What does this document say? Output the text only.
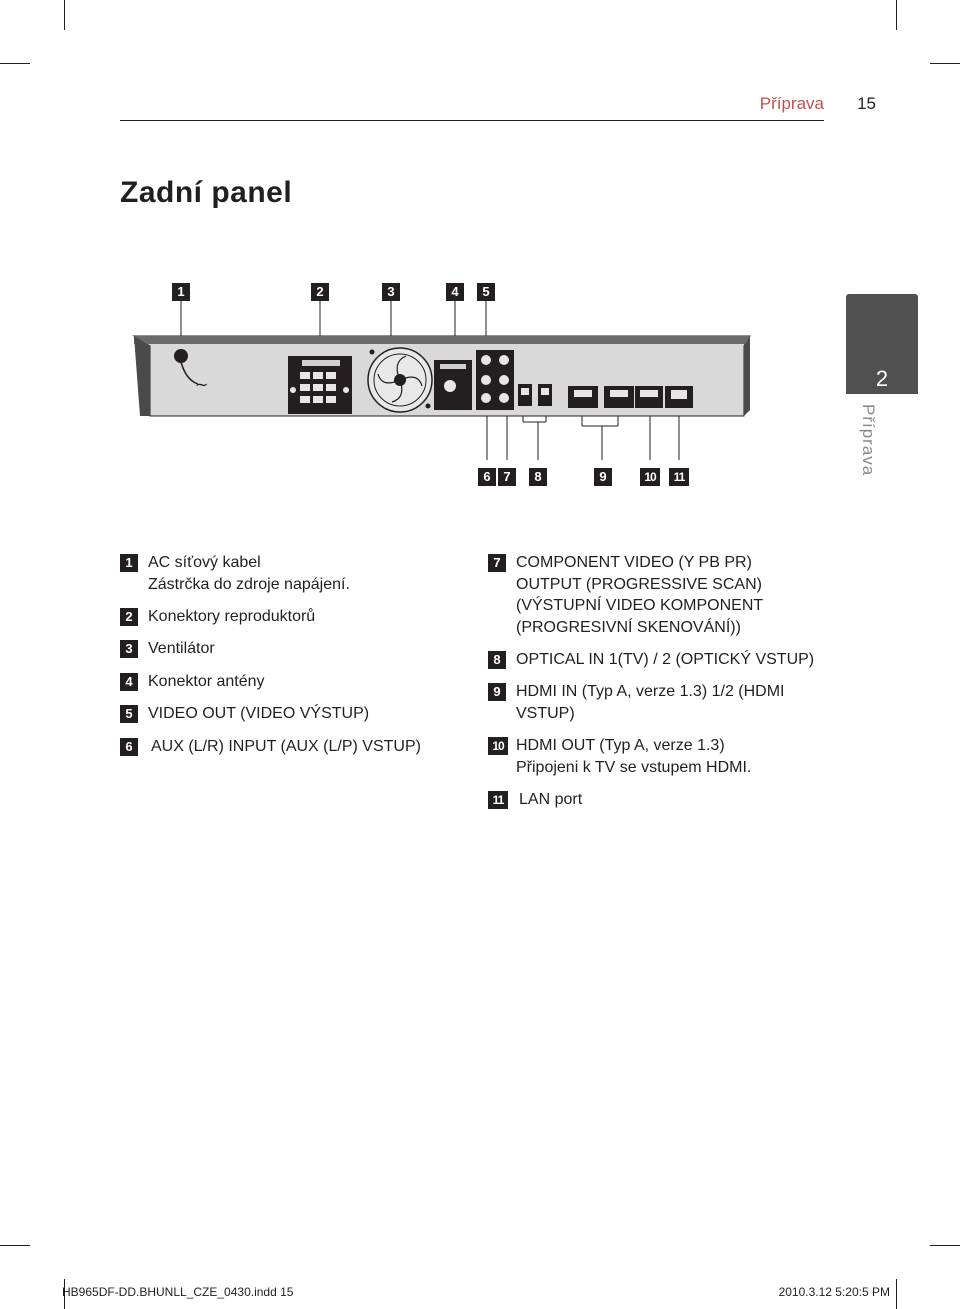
Příprava	15
Zadní panel
2
Příprava
1	2	3	4	5
6 7	8	9	10	11
~
1 AC síťový kabel
Zástrčka do zdroje napájení.
2 Konektory reproduktorů
3 Ventilátor
4 Konektor antény
5 VIDEO OUT (VIDEO VÝSTUP)
6	AUX (L/R) INPUT (AUX (L/P) VSTUP)
7 COMPONENT VIDEO (Y PB PR)
OUTPUT (PROGRESSIVE SCAN)
(VÝSTUPNÍ VIDEO KOMPONENT
(PROGRESIVNÍ SKENOVÁNÍ))
8 OPTICAL IN 1(TV) / 2 (OPTICKÝ VSTUP)
9 HDMI IN (Typ A, verze 1.3) 1/2 (HDMI
VSTUP)
10 HDMI OUT (Typ A, verze 1.3)
Připojeni k TV se vstupem HDMI.
11 LAN port
HB965DF-DD.BHUNLL_CZE_0430.indd 15	2010.3.12 5:20:5 PM
